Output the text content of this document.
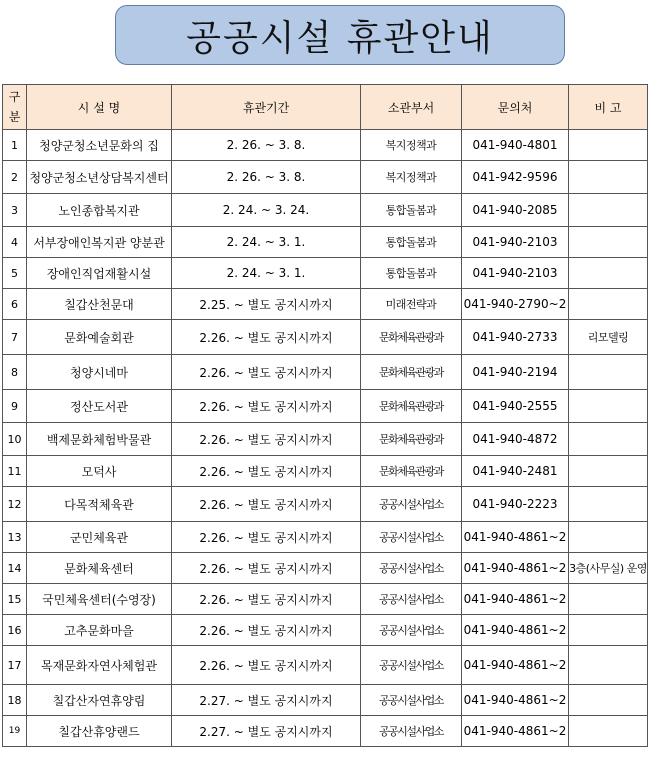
공공시설 휴관안내
구분	시 설 명	휴관기간	소관부서	문의처	비 고
1	청양군청소년문화의 집	2. 26. ~ 3. 8.	복지정책과	041-940-4801	
2	청양군청소년상담복지센터	2. 26. ~ 3. 8.	복지정책과	041-942-9596	
3	노인종합복지관	2. 24. ~ 3. 24.	통합돌봄과	041-940-2085	
4	서부장애인복지관 양분관	2. 24. ~ 3. 1.	통합돌봄과	041-940-2103	
5	장애인직업재활시설	2. 24. ~ 3. 1.	통합돌봄과	041-940-2103	
6	칠갑산천문대	2.25. ~ 별도 공지시까지	미래전략과	041-940-2790~2	
7	문화예술회관	2.26. ~ 별도 공지시까지	문화체육관광과	041-940-2733	리모델링
8	청양시네마	2.26. ~ 별도 공지시까지	문화체육관광과	041-940-2194	
9	정산도서관	2.26. ~ 별도 공지시까지	문화체육관광과	041-940-2555	
10	백제문화체험박물관	2.26. ~ 별도 공지시까지	문화체육관광과	041-940-4872	
11	모덕사	2.26. ~ 별도 공지시까지	문화체육관광과	041-940-2481	
12	다목적체육관	2.26. ~ 별도 공지시까지	공공시설사업소	041-940-2223	
13	군민체육관	2.26. ~ 별도 공지시까지	공공시설사업소	041-940-4861~2	
14	문화체육센터	2.26. ~ 별도 공지시까지	공공시설사업소	041-940-4861~2	3층(사무실) 운영
15	국민체육센터(수영장)	2.26. ~ 별도 공지시까지	공공시설사업소	041-940-4861~2	
16	고추문화마을	2.26. ~ 별도 공지시까지	공공시설사업소	041-940-4861~2	
17	목재문화자연사체험관	2.26. ~ 별도 공지시까지	공공시설사업소	041-940-4861~2	
18	칠갑산자연휴양림	2.27. ~ 별도 공지시까지	공공시설사업소	041-940-4861~2	
19	칠갑산휴양랜드	2.27. ~ 별도 공지시까지	공공시설사업소	041-940-4861~2	
